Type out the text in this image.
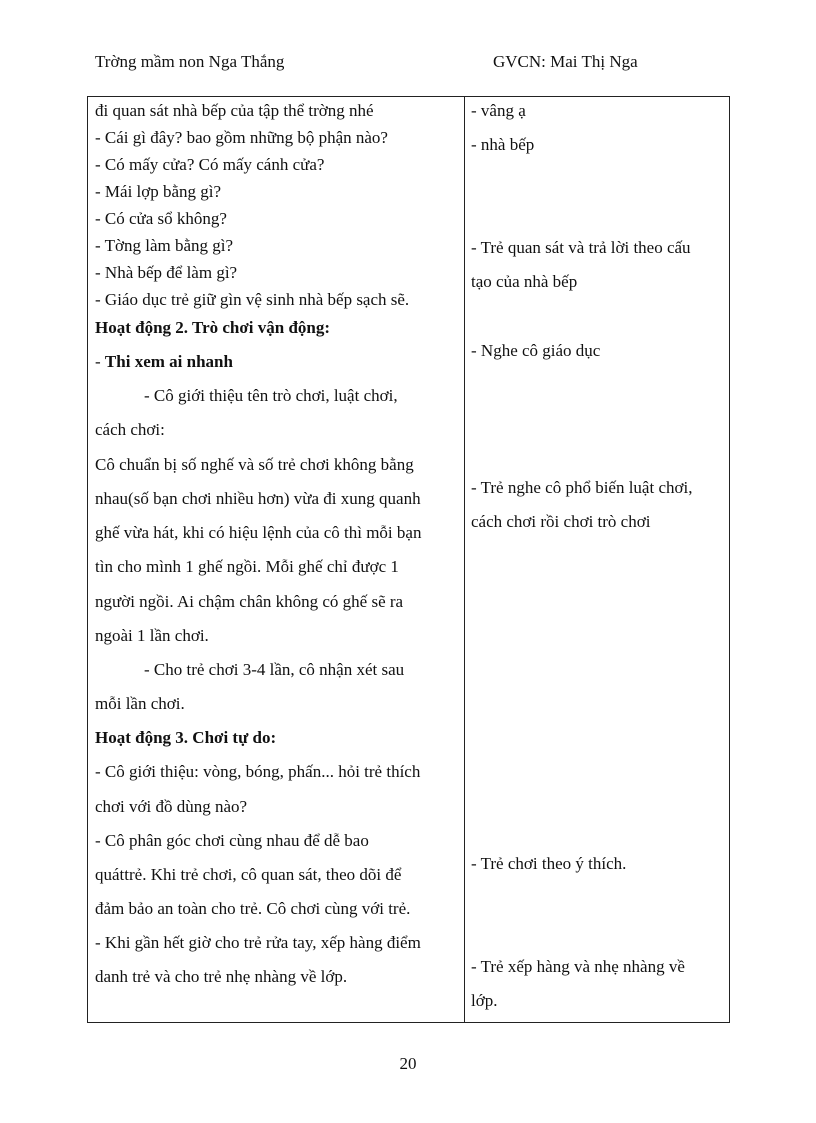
Trờng mầm non Nga Thắng	GVCN: Mai Thị Nga
đi quan sát nhà bếp của tập thể trờng nhé
- Cái gì đây? bao gồm những bộ phận nào?
- Có mấy cửa? Có mấy cánh cửa?
- Mái lợp bằng gì?
- Có cửa sổ không?
- Tờng làm bằng gì?
- Nhà bếp để làm gì?
- Giáo dục trẻ giữ gìn vệ sinh nhà bếp sạch sẽ.
Hoạt động 2. Trò chơi vận động:
- Thi xem ai nhanh
- Cô giới thiệu tên trò chơi, luật chơi,
cách chơi:
Cô chuẩn bị số nghế và số trẻ chơi không bằng
nhau(số bạn chơi nhiều hơn) vừa đi xung quanh
ghế vừa hát, khi có hiệu lệnh của cô thì mỗi bạn
tìn cho mình 1 ghế ngồi. Mỗi ghế chỉ được 1
người ngồi. Ai chậm chân không có ghế sẽ ra
ngoài 1 lần chơi.
- Cho trẻ chơi 3-4 lần, cô nhận xét sau
mỗi lần chơi.
Hoạt động 3. Chơi tự do:
- Cô giới thiệu: vòng, bóng, phấn... hỏi trẻ thích
chơi với đồ dùng nào?
- Cô phân góc chơi cùng nhau để dễ bao
quáttrẻ. Khi trẻ chơi, cô quan sát, theo dõi để
đảm bảo an toàn cho trẻ. Cô chơi cùng với trẻ.
- Khi gần hết giờ cho trẻ rửa tay, xếp hàng điểm
danh trẻ và cho trẻ nhẹ nhàng về lớp.
- vâng ạ
- nhà bếp
- Trẻ quan sát và trả lời theo cấu
tạo của nhà bếp
- Nghe cô giáo dục
- Trẻ nghe cô phổ biến luật chơi,
cách chơi rồi chơi trò chơi
- Trẻ chơi theo ý thích.
- Trẻ xếp hàng và nhẹ nhàng về
lớp.
20
